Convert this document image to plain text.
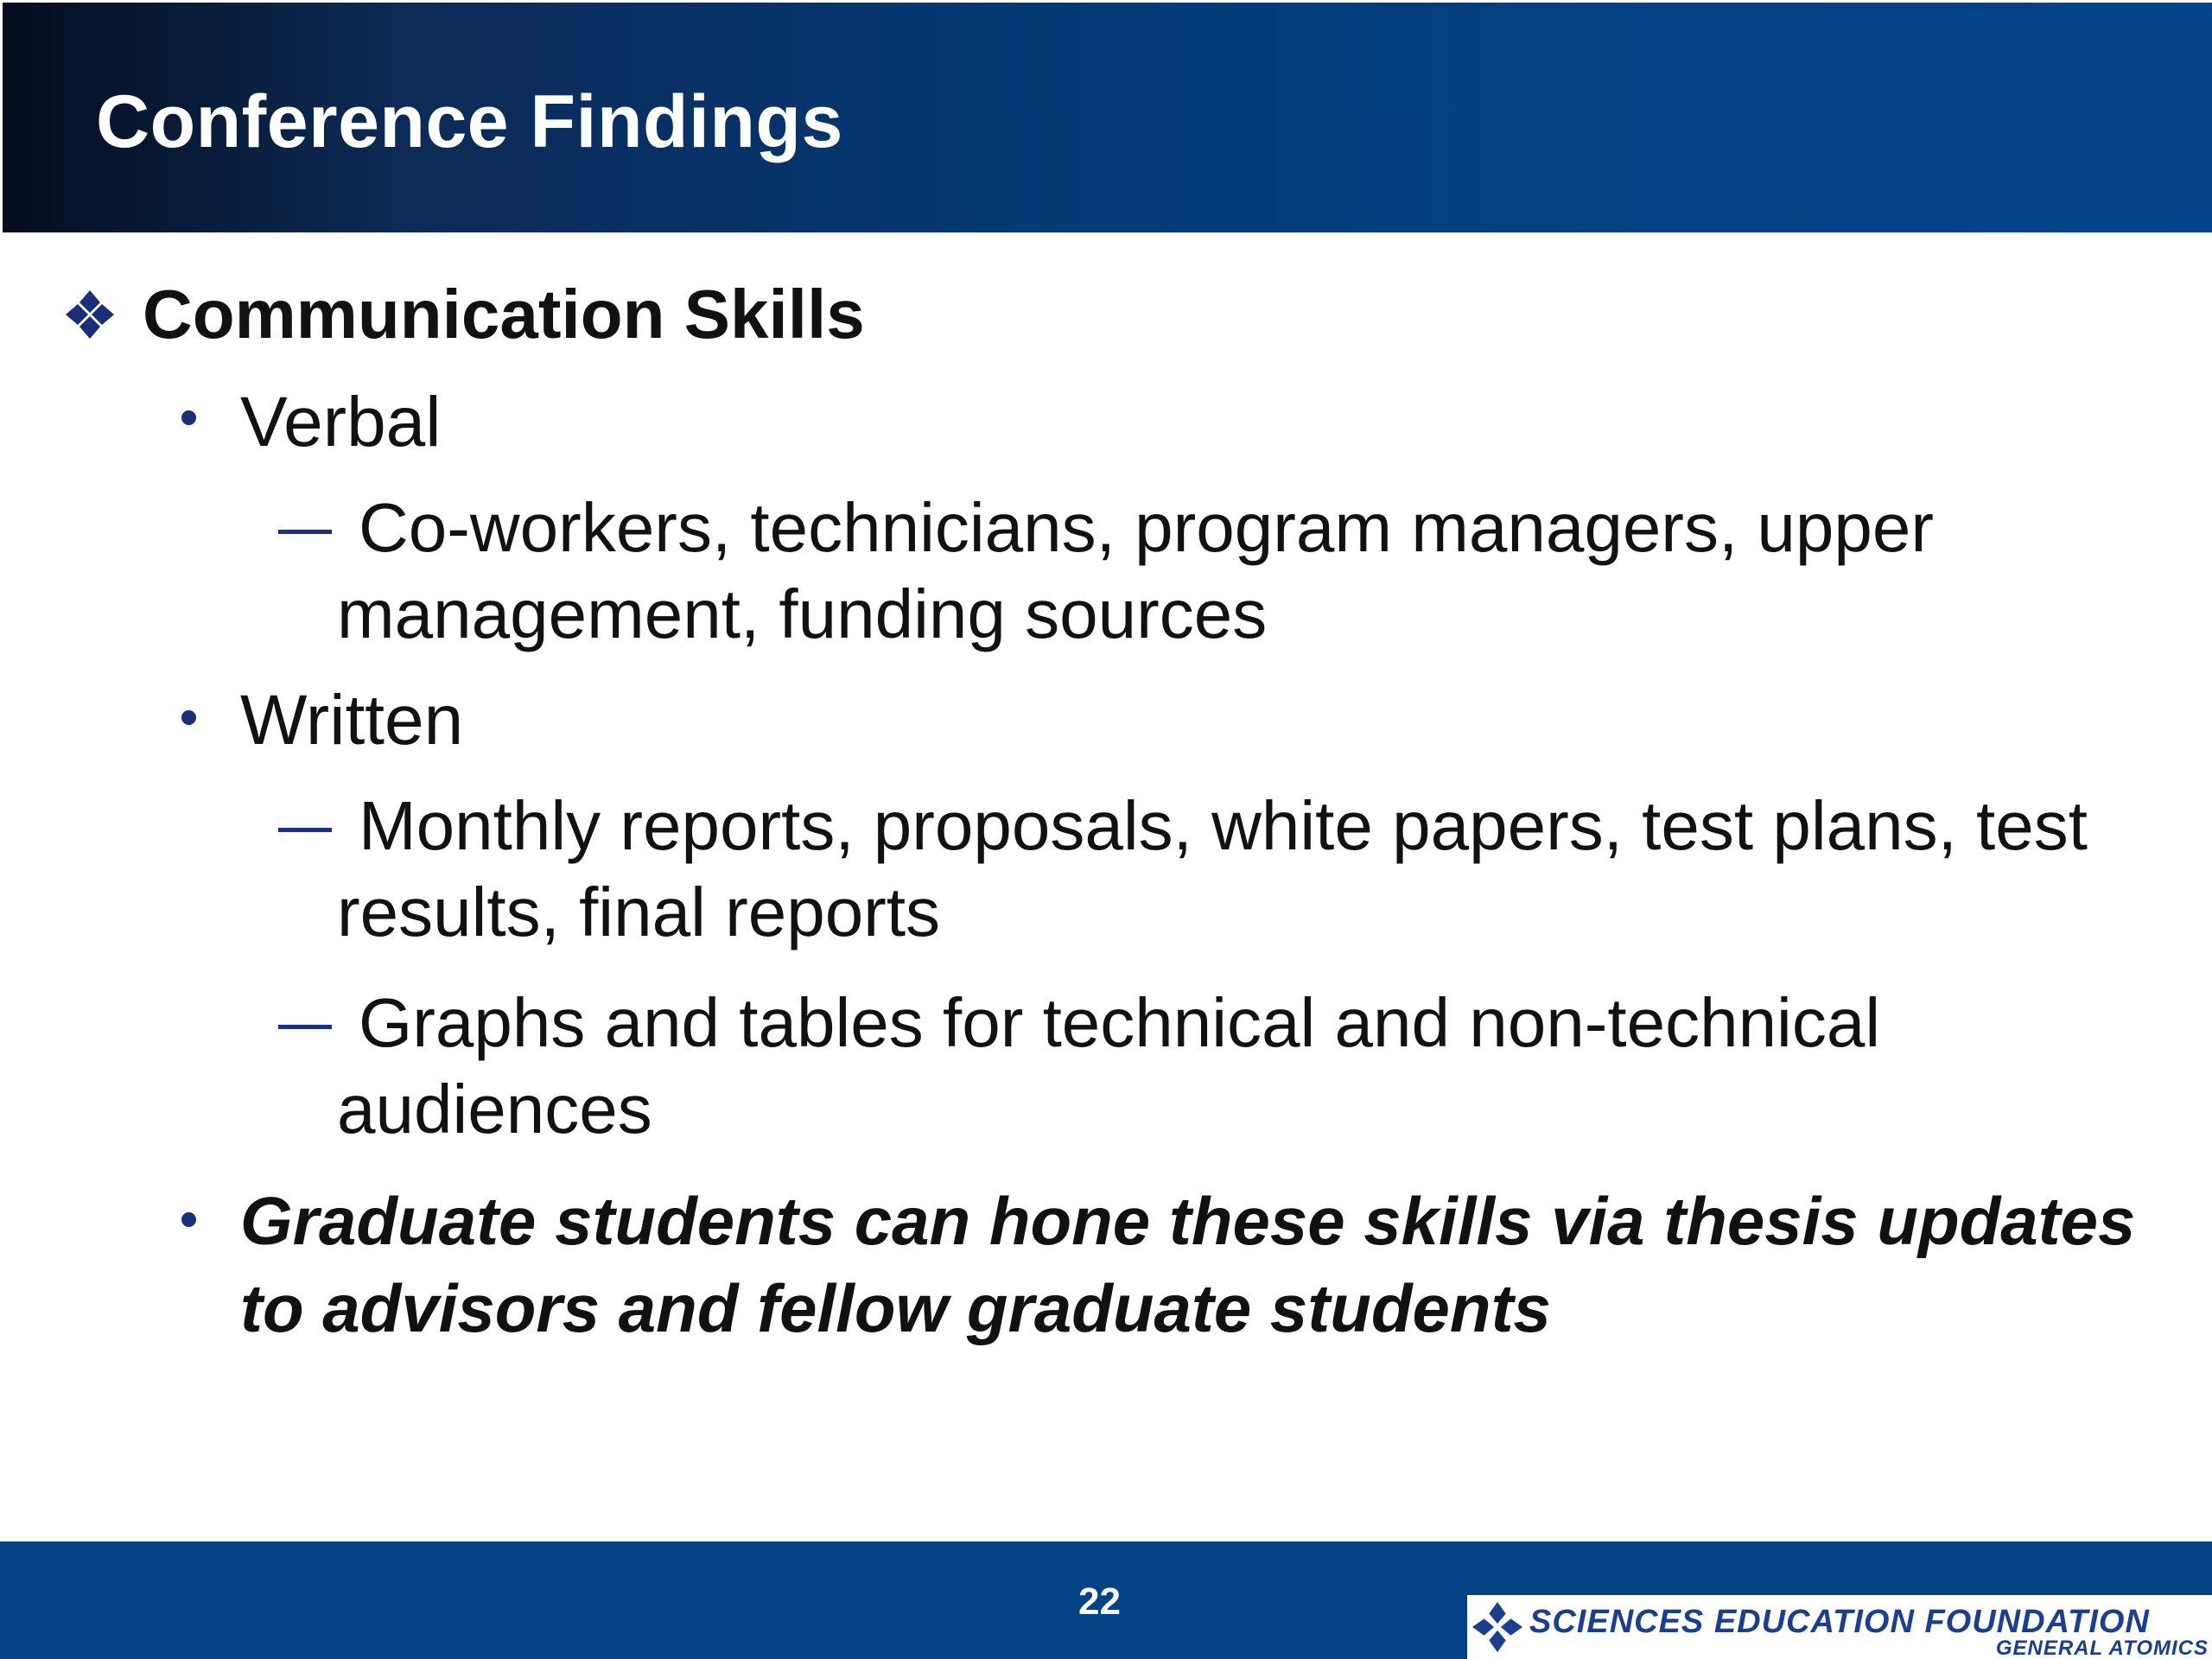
Conference Findings
Communication Skills
Verbal
Co-workers, technicians, program managers, upper management, funding sources
Written
Monthly reports, proposals, white papers, test plans, test results, final reports
Graphs and tables for technical and non-technical audiences
Graduate students can hone these skills via thesis updates to advisors and fellow graduate students
22	SCIENCES EDUCATION FOUNDATION
GENERAL ATOMICS
